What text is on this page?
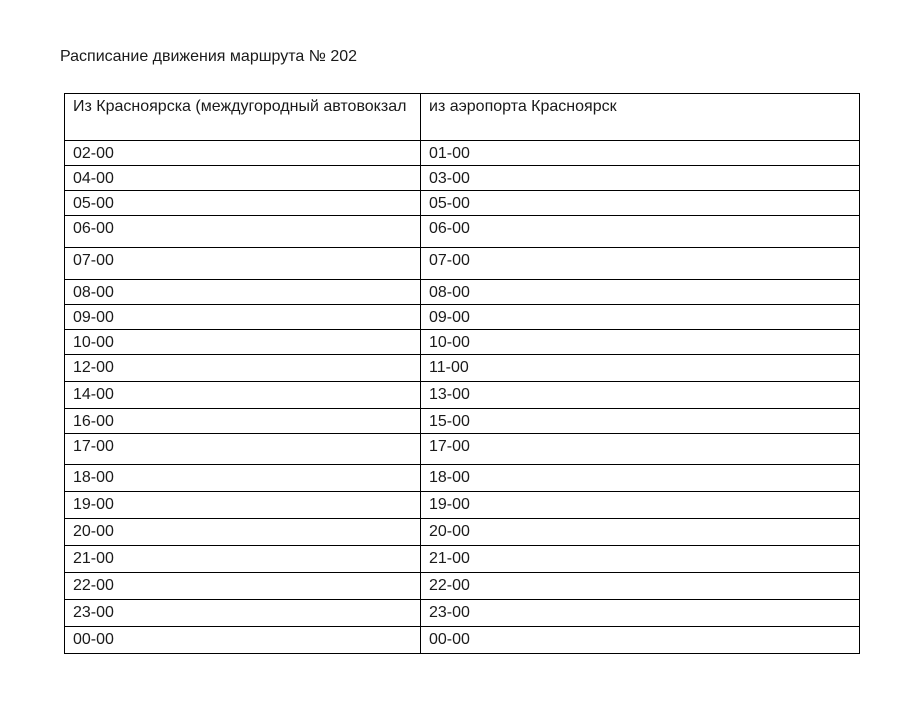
Расписание движения маршрута № 202
Из Красноярска (междугородный автовокзал	из аэропорта Красноярск
02-00	01-00
04-00	03-00
05-00	05-00
06-00	06-00
07-00	07-00
08-00	08-00
09-00	09-00
10-00	10-00
12-00	11-00
14-00	13-00
16-00	15-00
17-00	17-00
18-00	18-00
19-00	19-00
20-00	20-00
21-00	21-00
22-00	22-00
23-00	23-00
00-00	00-00
